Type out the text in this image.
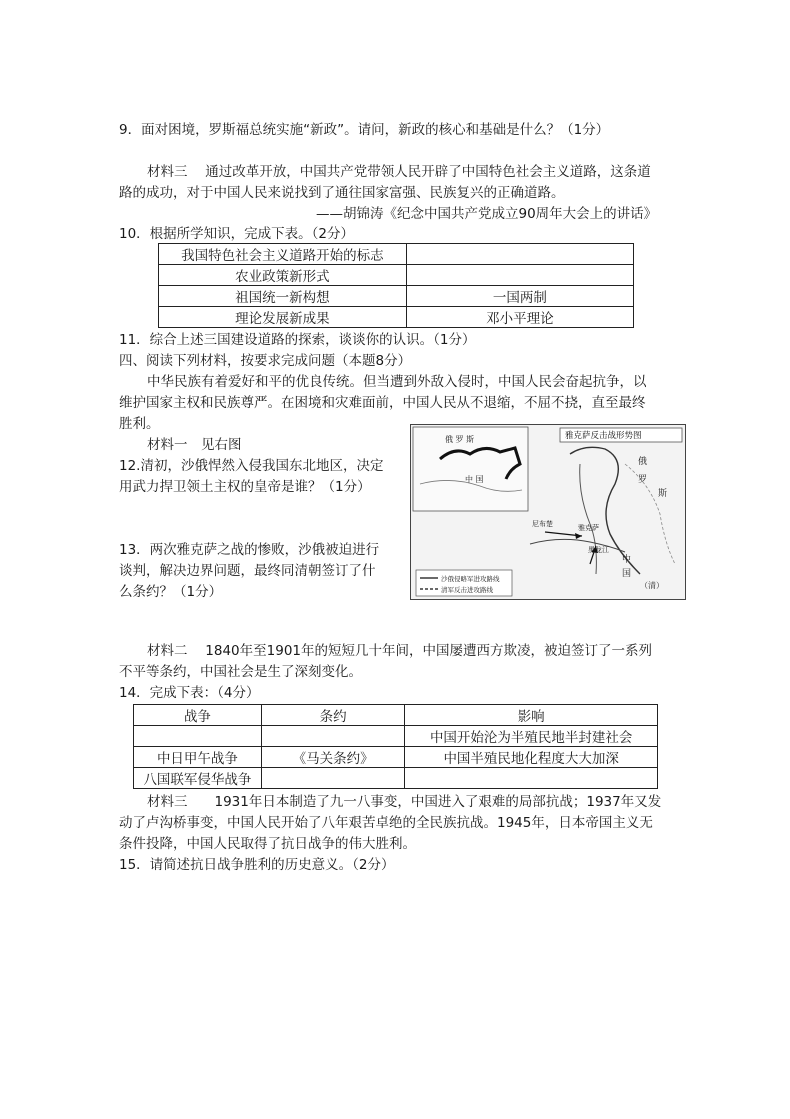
9．面对困境，罗斯福总统实施“新政”。请问，新政的核心和基础是什么？（1分）
材料三　 通过改革开放，中国共产党带领人民开辟了中国特色社会主义道路，这条道
路的成功，对于中国人民来说找到了通往国家富强、民族复兴的正确道路。
——胡锦涛《纪念中国共产党成立90周年大会上的讲话》
10．根据所学知识，完成下表。（2分）
我国特色社会主义道路开始的标志	
农业政策新形式	
祖国统一新构想	一国两制
理论发展新成果	邓小平理论
11．综合上述三国建设道路的探索，谈谈你的认识。（1分）
四、阅读下列材料，按要求完成问题（本题8分）
中华民族有着爱好和平的优良传统。但当遭到外敌入侵时，中国人民会奋起抗争，以
维护国家主权和民族尊严。在困境和灾难面前，中国人民从不退缩，不屈不挠，直至最终
胜利。
材料一　见右图
12.清初，沙俄悍然入侵我国东北地区，决定
用武力捍卫领土主权的皇帝是谁？（1分）
13．两次雅克萨之战的惨败，沙俄被迫进行
谈判，解决边界问题，最终同清朝签订了什
么条约？（1分）
俄 罗 斯
中 国
雅克萨反击战形势图
俄
罗
斯
中
国
（清）
黑龙江
雅克萨
尼布楚
沙俄侵略军进攻路线
清军反击进攻路线
材料二　 1840年至1901年的短短几十年间，中国屡遭西方欺凌，被迫签订了一系列
不平等条约，中国社会是生了深刻变化。
14．完成下表：（4分）
战争	条约	影响
		中国开始沦为半殖民地半封建社会
中日甲午战争	《马关条约》	中国半殖民地化程度大大加深
八国联军侵华战争		
材料三　　1931年日本制造了九一八事变，中国进入了艰难的局部抗战；1937年又发
动了卢沟桥事变，中国人民开始了八年艰苦卓绝的全民族抗战。1945年，日本帝国主义无
条件投降，中国人民取得了抗日战争的伟大胜利。
15．请简述抗日战争胜利的历史意义。（2分）
